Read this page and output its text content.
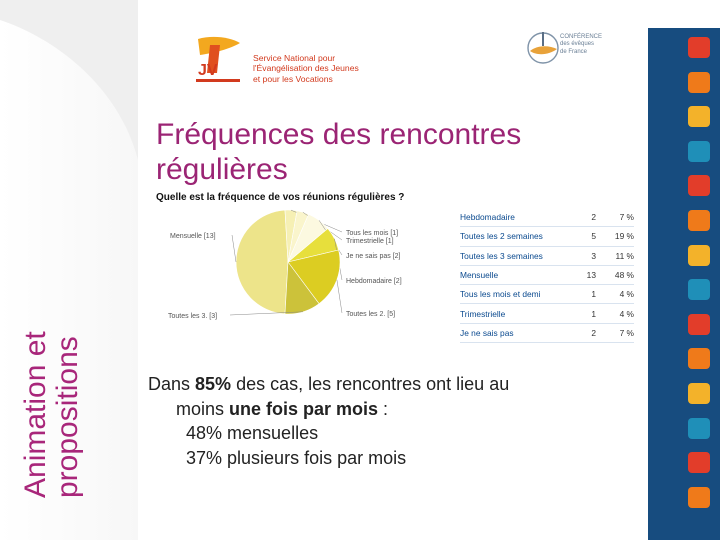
Animation et propositions
JV
Service National pour
l'Évangélisation des Jeunes
et pour les Vocations
CONFÉRENCE
des évêques
de France
Fréquences des rencontres régulières
Quelle est la fréquence de vos réunions régulières ?
Mensuelle [13]	Tous les mois [1]
Trimestrielle [1]
Je ne sais pas [2]
Hebdomadaire [2]
Toutes les 2. [5]
Toutes les 3. [3]
Hebdomadaire	2	7 %
Toutes les 2 semaines	5	19 %
Toutes les 3 semaines	3	11 %
Mensuelle	13	48 %
Tous les mois et demi	1	4 %
Trimestrielle	1	4 %
Je ne sais pas	2	7 %

Dans 85% des cas, les rencontres ont lieu au

moins une fois par mois :

48% mensuelles

37% plusieurs fois par mois
